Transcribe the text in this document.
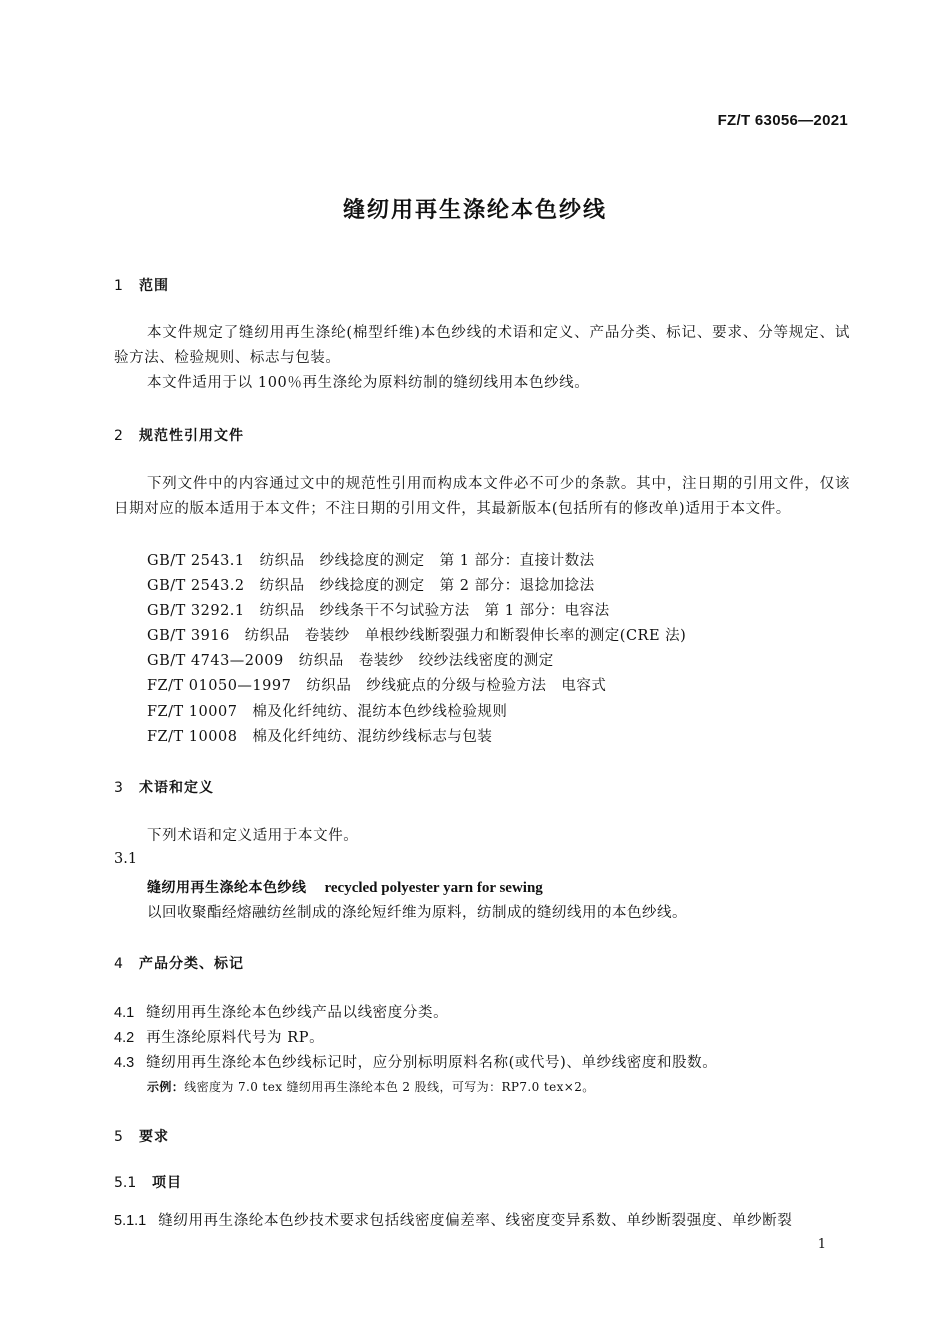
FZ/T 63056—2021
缝纫用再生涤纶本色纱线
1 范围
本文件规定了缝纫用再生涤纶(棉型纤维)本色纱线的术语和定义、产品分类、标记、要求、分等规定、试验方法、检验规则、标志与包装。
本文件适用于以 100％再生涤纶为原料纺制的缝纫线用本色纱线。
2 规范性引用文件
下列文件中的内容通过文中的规范性引用而构成本文件必不可少的条款。其中，注日期的引用文件，仅该日期对应的版本适用于本文件；不注日期的引用文件，其最新版本(包括所有的修改单)适用于本文件。
GB/T 2543.1　纺织品　纱线捻度的测定　第 1 部分：直接计数法
GB/T 2543.2　纺织品　纱线捻度的测定　第 2 部分：退捻加捻法
GB/T 3292.1　纺织品　纱线条干不匀试验方法　第 1 部分：电容法
GB/T 3916　纺织品　卷装纱　单根纱线断裂强力和断裂伸长率的测定(CRE 法)
GB/T 4743—2009　纺织品　卷装纱　绞纱法线密度的测定
FZ/T 01050—1997　纺织品　纱线疵点的分级与检验方法　电容式
FZ/T 10007　棉及化纤纯纺、混纺本色纱线检验规则
FZ/T 10008　棉及化纤纯纺、混纺纱线标志与包装
3 术语和定义
下列术语和定义适用于本文件。
3.1
缝纫用再生涤纶本色纱线 recycled polyester yarn for sewing
以回收聚酯经熔融纺丝制成的涤纶短纤维为原料，纺制成的缝纫线用的本色纱线。
4 产品分类、标记
4.1 缝纫用再生涤纶本色纱线产品以线密度分类。
4.2 再生涤纶原料代号为 RP。
4.3 缝纫用再生涤纶本色纱线标记时，应分别标明原料名称(或代号)、单纱线密度和股数。
示例：线密度为 7.0 tex 缝纫用再生涤纶本色 2 股线，可写为：RP7.0 tex×2。
5 要求
5.1 项目
5.1.1 缝纫用再生涤纶本色纱技术要求包括线密度偏差率、线密度变异系数、单纱断裂强度、单纱断裂
1
